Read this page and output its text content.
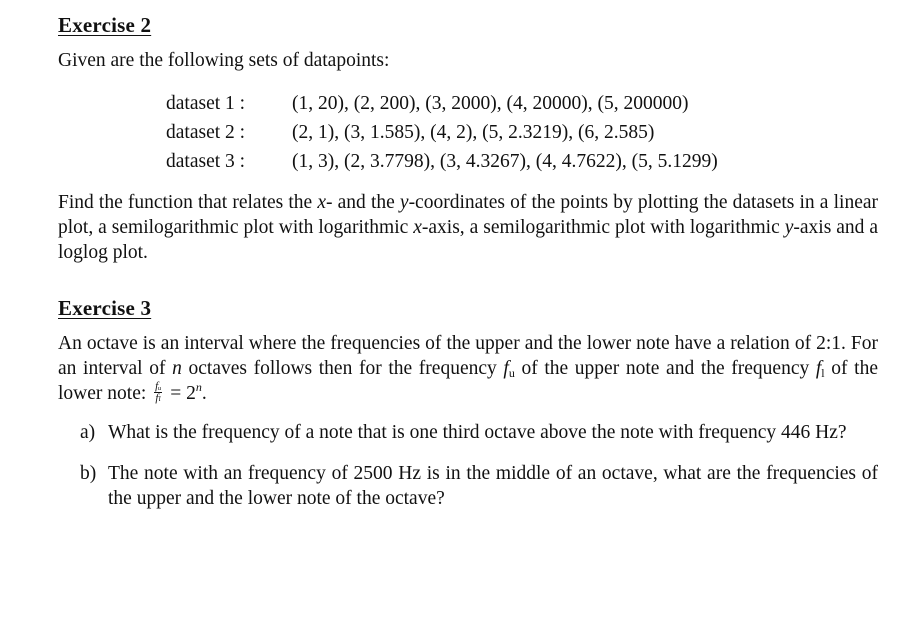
Exercise 2

Given are the following sets of datapoints:

dataset 1 :	(1, 20), (2, 200), (3, 2000), (4, 20000), (5, 200000)
dataset 2 :	(2, 1), (3, 1.585), (4, 2), (5, 2.3219), (6, 2.585)
dataset 3 :	(1, 3), (2, 3.7798), (3, 4.3267), (4, 4.7622), (5, 5.1299)

Find the function that relates the x- and the y-coordinates of the points by plotting the datasets in a linear plot, a semilogarithmic plot with logarithmic x-axis, a semilogarithmic plot with logarithmic y-axis and a loglog plot.

Exercise 3

An octave is an interval where the frequencies of the upper and the lower note have a relation of 2:1. For an interval of n octaves follows then for the frequency $f_u$ of the upper note and the frequency $f_l$ of the lower note: $\frac{\text{fᵤ}}{\text{fₗ}} = 2^n$.

a) What is the frequency of a note that is one third octave above the note with frequency 446 Hz?
b) The note with an frequency of 2500 Hz is in the middle of an octave, what are the frequencies of the upper and the lower note of the octave?
